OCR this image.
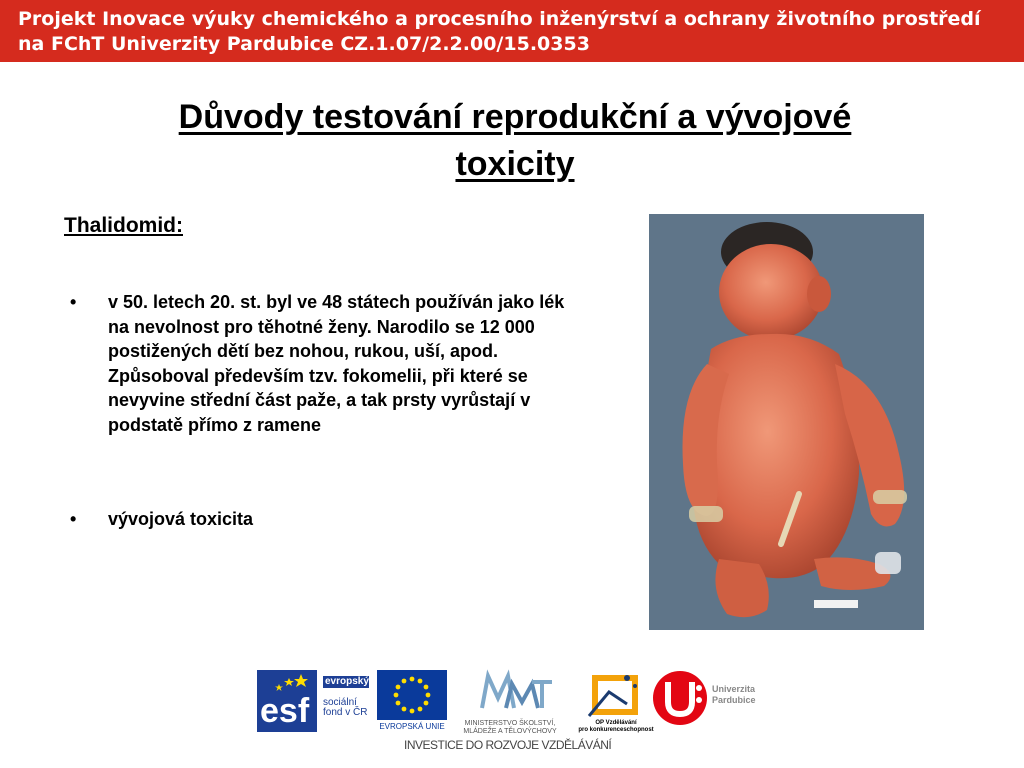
Projekt Inovace výuky chemického a procesního inženýrství a ochrany životního prostředí
na FChT Univerzity Pardubice CZ.1.07/2.2.00/15.0353
Důvody testování reprodukční a vývojové
toxicity
Thalidomid:
• v 50. letech 20. st. byl ve 48 státech používán jako lék na nevolnost pro těhotné ženy. Narodilo se 12 000 postižených dětí bez nohou, rukou, uší, apod. Způsoboval především tzv. fokomelii, při které se nevyvine střední část paže, a tak prsty vyrůstají v podstatě přímo z ramene
• vývojová toxicita
esf
evropský
sociální
fond v ČR
EVROPSKÁ UNIE	MINISTERSTVO ŠKOLSTVÍ, MLÁDEŽE A TĚLOVÝCHOVY
OP Vzdělávání
pro konkurenceschopnost
Univerzita
Pardubice
INVESTICE DO ROZVOJE VZDĚLÁVÁNÍ
